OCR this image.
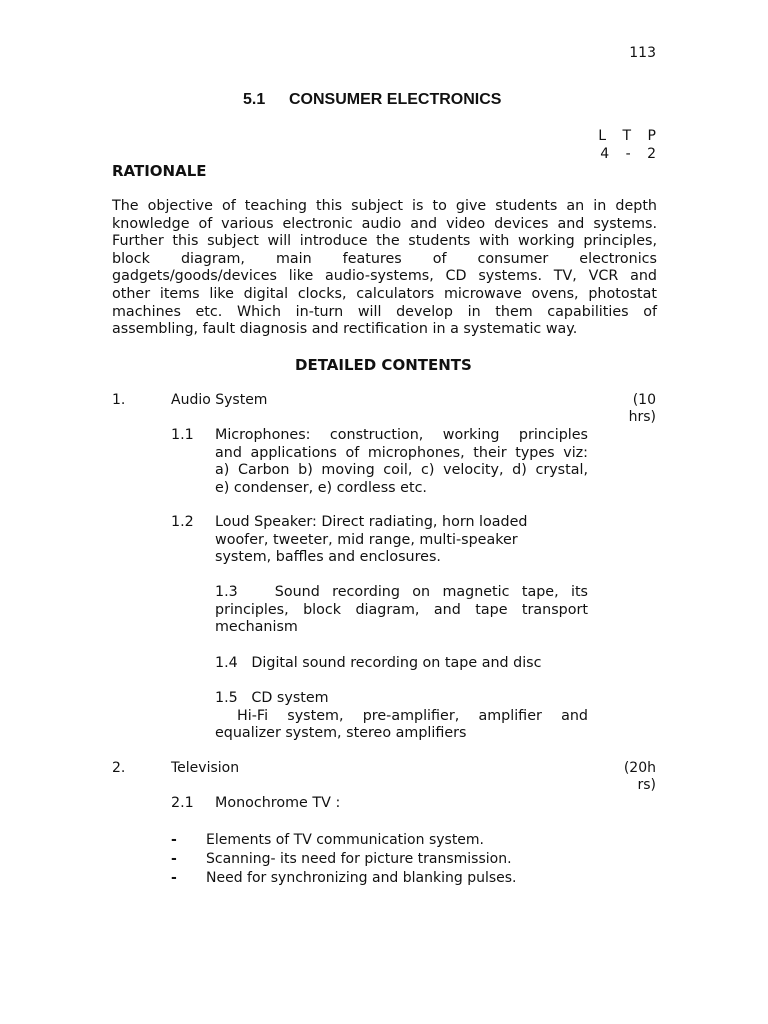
113
5.1 CONSUMER ELECTRONICS
L T P
4 - 2
RATIONALE
The objective of teaching this subject is to give students an in depth
knowledge of various electronic audio and video devices and systems.
Further this subject will introduce the students with working principles,
block diagram, main features of consumer electronics
gadgets/goods/devices like audio-systems, CD systems. TV, VCR and
other items like digital clocks, calculators microwave ovens, photostat
machines etc. Which in-turn will develop in them capabilities of
assembling, fault diagnosis and rectification in a systematic way.
DETAILED CONTENTS
1.	Audio System	(10
hrs)
1.1 Microphones: construction, working principles
and applications of microphones, their types viz:
a) Carbon b) moving coil, c) velocity, d) crystal,
e) condenser, e) cordless etc.
1.2 Loud Speaker: Direct radiating, horn loaded
woofer, tweeter, mid range, multi-speaker
system, baffles and enclosures.
1.3	Sound recording on magnetic tape, its
principles, block diagram, and tape transport
mechanism
1.4 Digital sound recording on tape and disc
1.5 CD system
Hi-Fi system, pre-amplifier, amplifier and
equalizer system, stereo amplifiers
2.	Television	(20h
rs)
2.1 Monochrome TV :
-	Elements of TV communication system.
-	Scanning- its need for picture transmission.
-	Need for synchronizing and blanking pulses.
